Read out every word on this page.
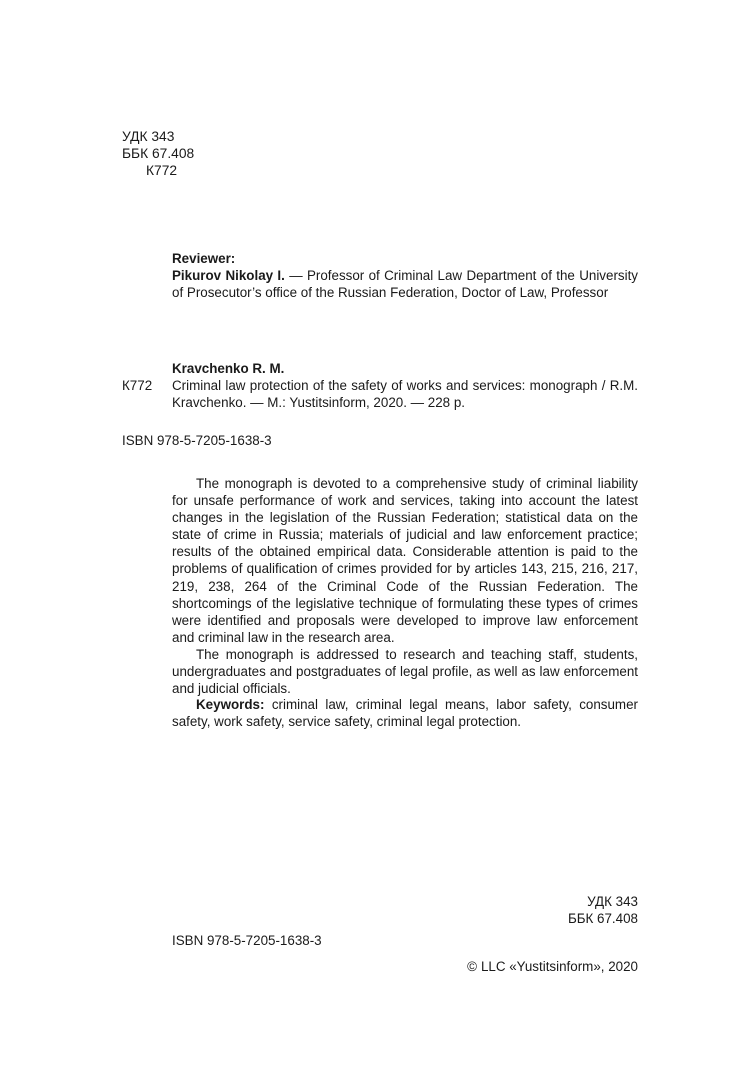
УДК 343
ББК 67.408
К772
Reviewer:

Pikurov Nikolay I. — Professor of Criminal Law Department of the University of Prosecutor’s office of the Russian Federation, Doctor of Law, Professor

Kravchenko R. M.
К772	Criminal law protection of the safety of works and services: monograph / R.M. Kravchenko. — M.: Yustitsinform, 2020. — 228 p.
ISBN 978-5-7205-1638-3

The monograph is devoted to a comprehensive study of criminal liability for unsafe performance of work and services, taking into account the latest changes in the legislation of the Russian Federation; statistical data on the state of crime in Russia; materials of judicial and law enforcement practice; results of the obtained empirical data. Considerable attention is paid to the problems of qualification of crimes provided for by articles 143, 215, 216, 217, 219, 238, 264 of the Criminal Code of the Russian Federation. The shortcomings of the legislative technique of formulating these types of crimes were identified and proposals were developed to improve law enforcement and criminal law in the research area.

The monograph is addressed to research and teaching staff, students, undergraduates and postgraduates of legal profile, as well as law enforcement and judicial officials.

Keywords: criminal law, criminal legal means, labor safety, consumer safety, work safety, service safety, criminal legal protection.

УДК 343
ББК 67.408
ISBN 978-5-7205-1638-3
© LLC «Yustitsinform», 2020
